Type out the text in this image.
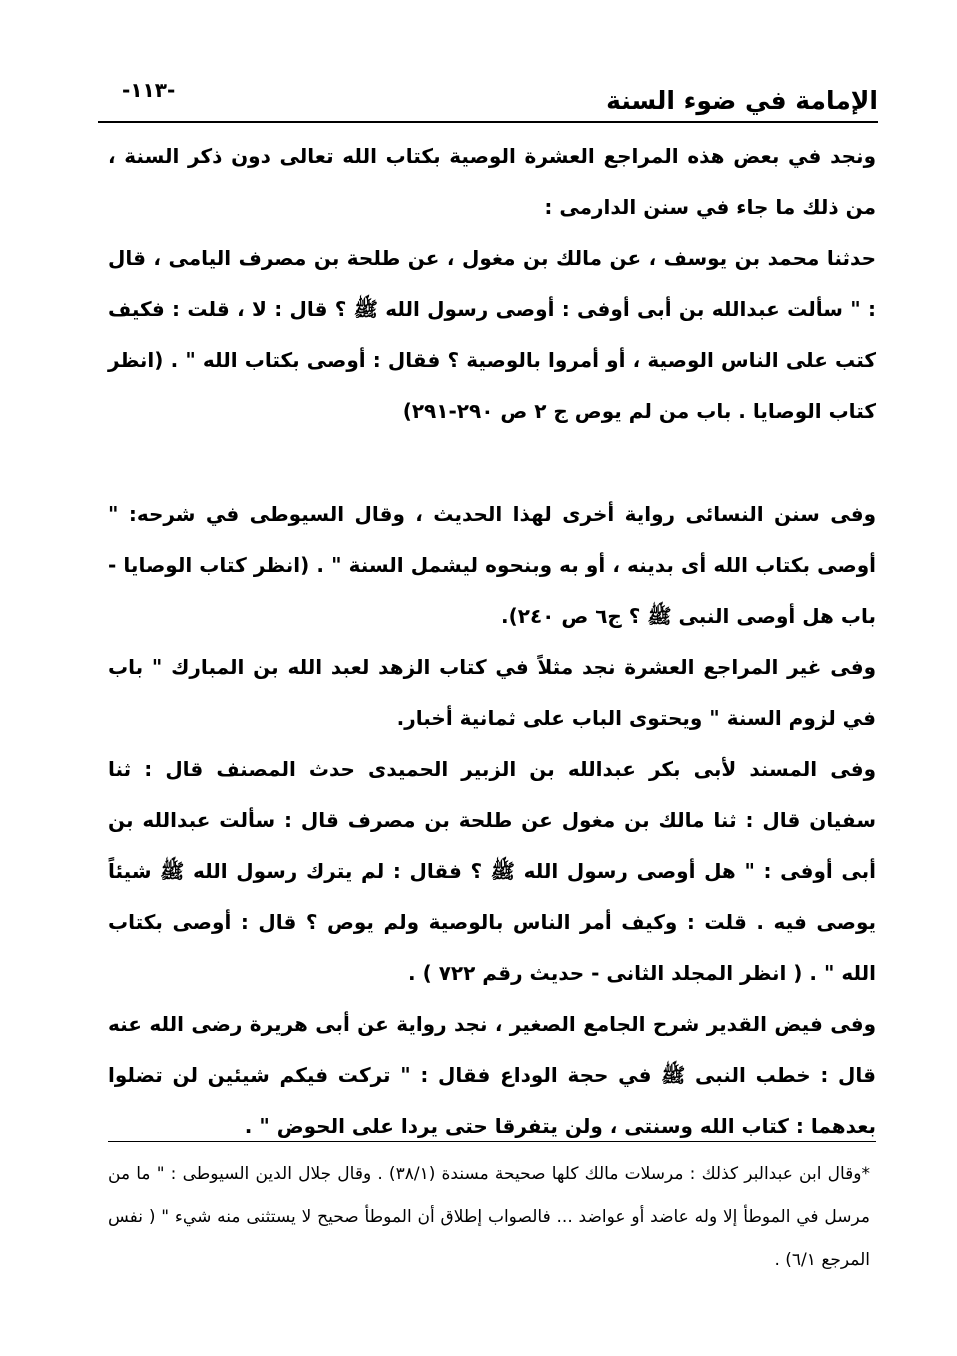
الإمامة في ضوء السنة
-١١٣-

ونجد في بعض هذه المراجع العشرة الوصية بكتاب الله تعالى دون ذكر السنة ، من ذلك ما جاء في سنن الدارمى :

حدثنا محمد بن يوسف ، عن مالك بن مغول ، عن طلحة بن مصرف اليامى ، قال : " سألت عبدالله بن أبى أوفى : أوصى رسول الله ﷺ ؟ قال : لا ، قلت : فكيف كتب على الناس الوصية ، أو أمروا بالوصية ؟ فقال : أوصى بكتاب الله " . (انظر كتاب الوصايا . باب من لم يوص ج ٢ ص ٢٩٠-٢٩١)

وفى سنن النسائى رواية أخرى لهذا الحديث ، وقال السيوطى في شرحه: " أوصى بكتاب الله أى بدينه ، أو به وبنحوه ليشمل السنة " . (انظر كتاب الوصايا - باب هل أوصى النبى ﷺ ؟ ج٦ ص ٢٤٠).

وفى غير المراجع العشرة نجد مثلاً في كتاب الزهد لعبد الله بن المبارك " باب في لزوم السنة " ويحتوى الباب على ثمانية أخبار.

وفى المسند لأبى بكر عبدالله بن الزبير الحميدى حدث المصنف قال : ثنا سفيان قال : ثنا مالك بن مغول عن طلحة بن مصرف قال : سألت عبدالله بن أبى أوفى : " هل أوصى رسول الله ﷺ ؟ فقال : لم يترك رسول الله ﷺ شيئاً يوصى فيه . قلت : وكيف أمر الناس بالوصية ولم يوص ؟ قال : أوصى بكتاب الله " . ( انظر المجلد الثانى - حديث رقم ٧٢٢ ) .

وفى فيض القدير شرح الجامع الصغير ، نجد رواية عن أبى هريرة رضى الله عنه قال : خطب النبى ﷺ في حجة الوداع فقال : " تركت فيكم شيئين لن تضلوا بعدهما : كتاب الله وسنتى ، ولن يتفرقا حتى يردا على الحوض " .

*وقال ابن عبدالبر كذلك : مرسلات مالك كلها صحيحة مسندة (٣٨/١) . وقال جلال الدين السيوطى : " ما من مرسل في الموطأ إلا وله عاضد أو عواضد ... فالصواب إطلاق أن الموطأ صحيح لا يستثنى منه شيء " ( نفس المرجع ٦/١) .
